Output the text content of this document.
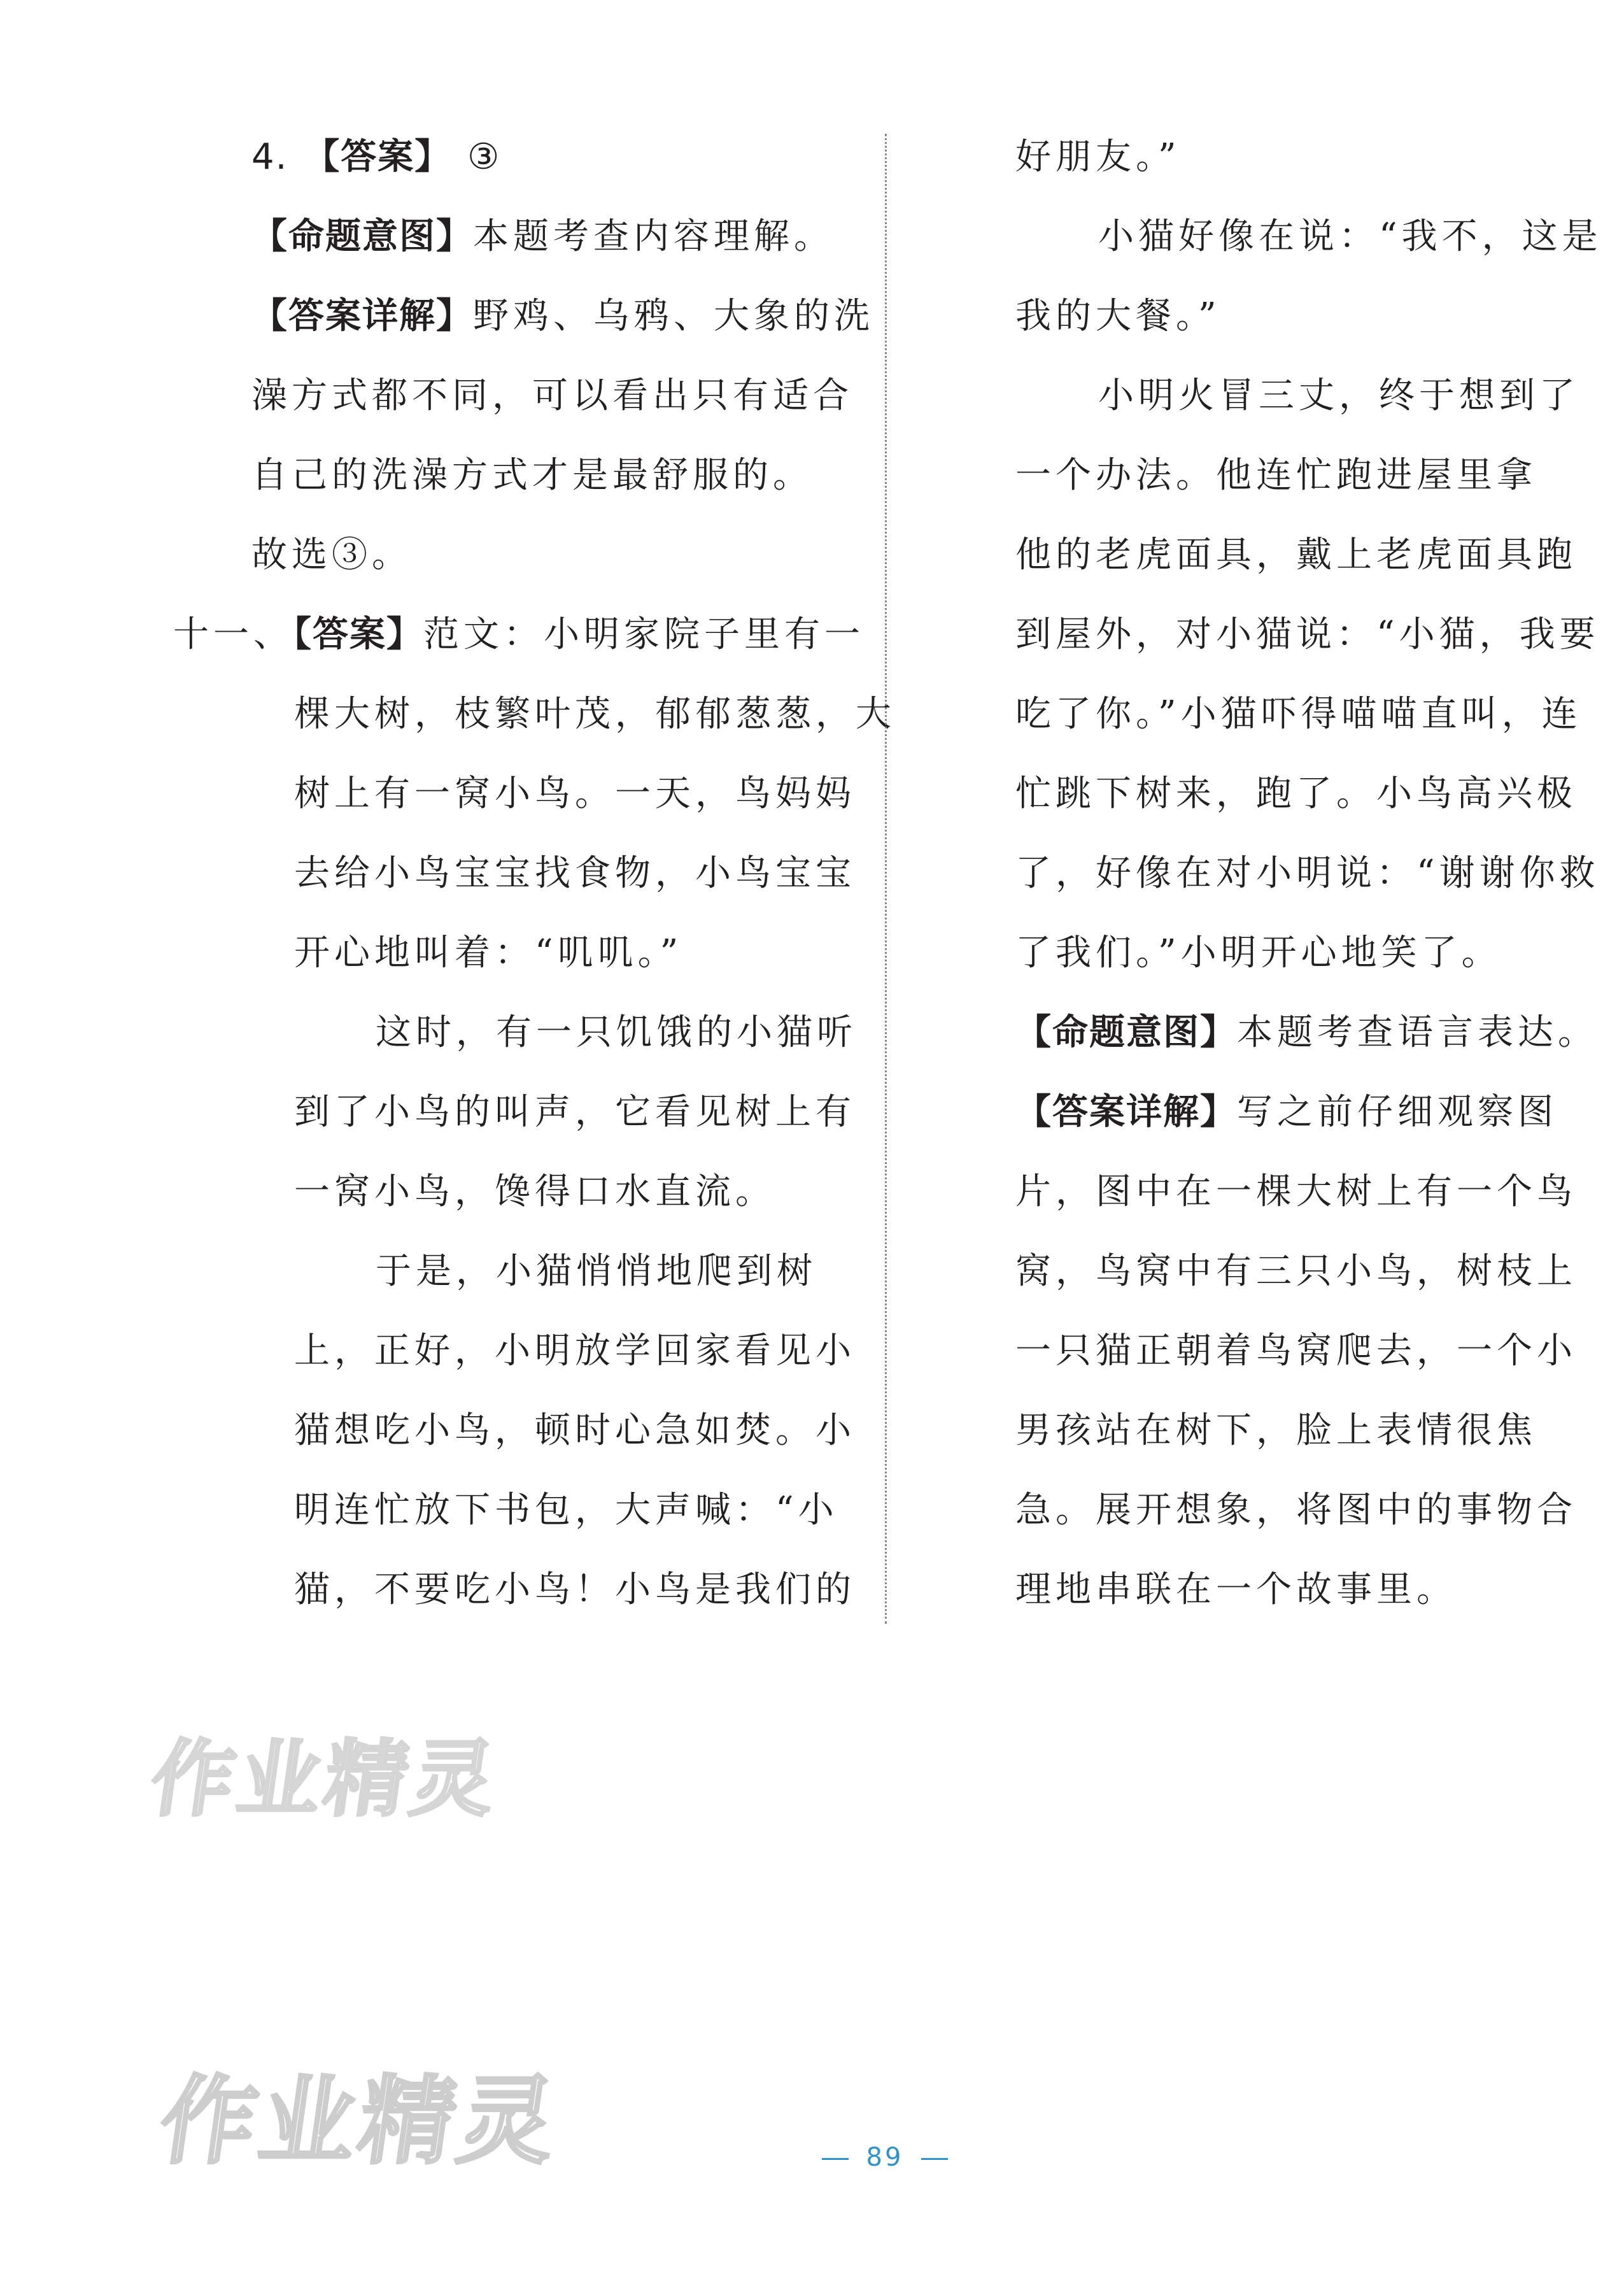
4. 【答案】 ③
【命题意图】本题考查内容理解。
【答案详解】野鸡、乌鸦、大象的洗
澡方式都不同，可以看出只有适合
自己的洗澡方式才是最舒服的。
故选③。
十一、【答案】范文：小明家院子里有一
棵大树，枝繁叶茂，郁郁葱葱，大
树上有一窝小鸟。一天，鸟妈妈
去给小鸟宝宝找食物，小鸟宝宝
开心地叫着：“叽叽。”
这时，有一只饥饿的小猫听
到了小鸟的叫声，它看见树上有
一窝小鸟，馋得口水直流。
于是，小猫悄悄地爬到树
上，正好，小明放学回家看见小
猫想吃小鸟，顿时心急如焚。小
明连忙放下书包，大声喊：“小
猫，不要吃小鸟！小鸟是我们的
好朋友。”
小猫好像在说：“我不，这是
我的大餐。”
小明火冒三丈，终于想到了
一个办法。他连忙跑进屋里拿
他的老虎面具，戴上老虎面具跑
到屋外，对小猫说：“小猫，我要
吃了你。”小猫吓得喵喵直叫，连
忙跳下树来，跑了。小鸟高兴极
了，好像在对小明说：“谢谢你救
了我们。”小明开心地笑了。
【命题意图】本题考查语言表达。
【答案详解】写之前仔细观察图
片，图中在一棵大树上有一个鸟
窝，鸟窝中有三只小鸟，树枝上
一只猫正朝着鸟窝爬去，一个小
男孩站在树下，脸上表情很焦
急。展开想象，将图中的事物合
理地串联在一个故事里。
作业精灵
作业精灵	89
